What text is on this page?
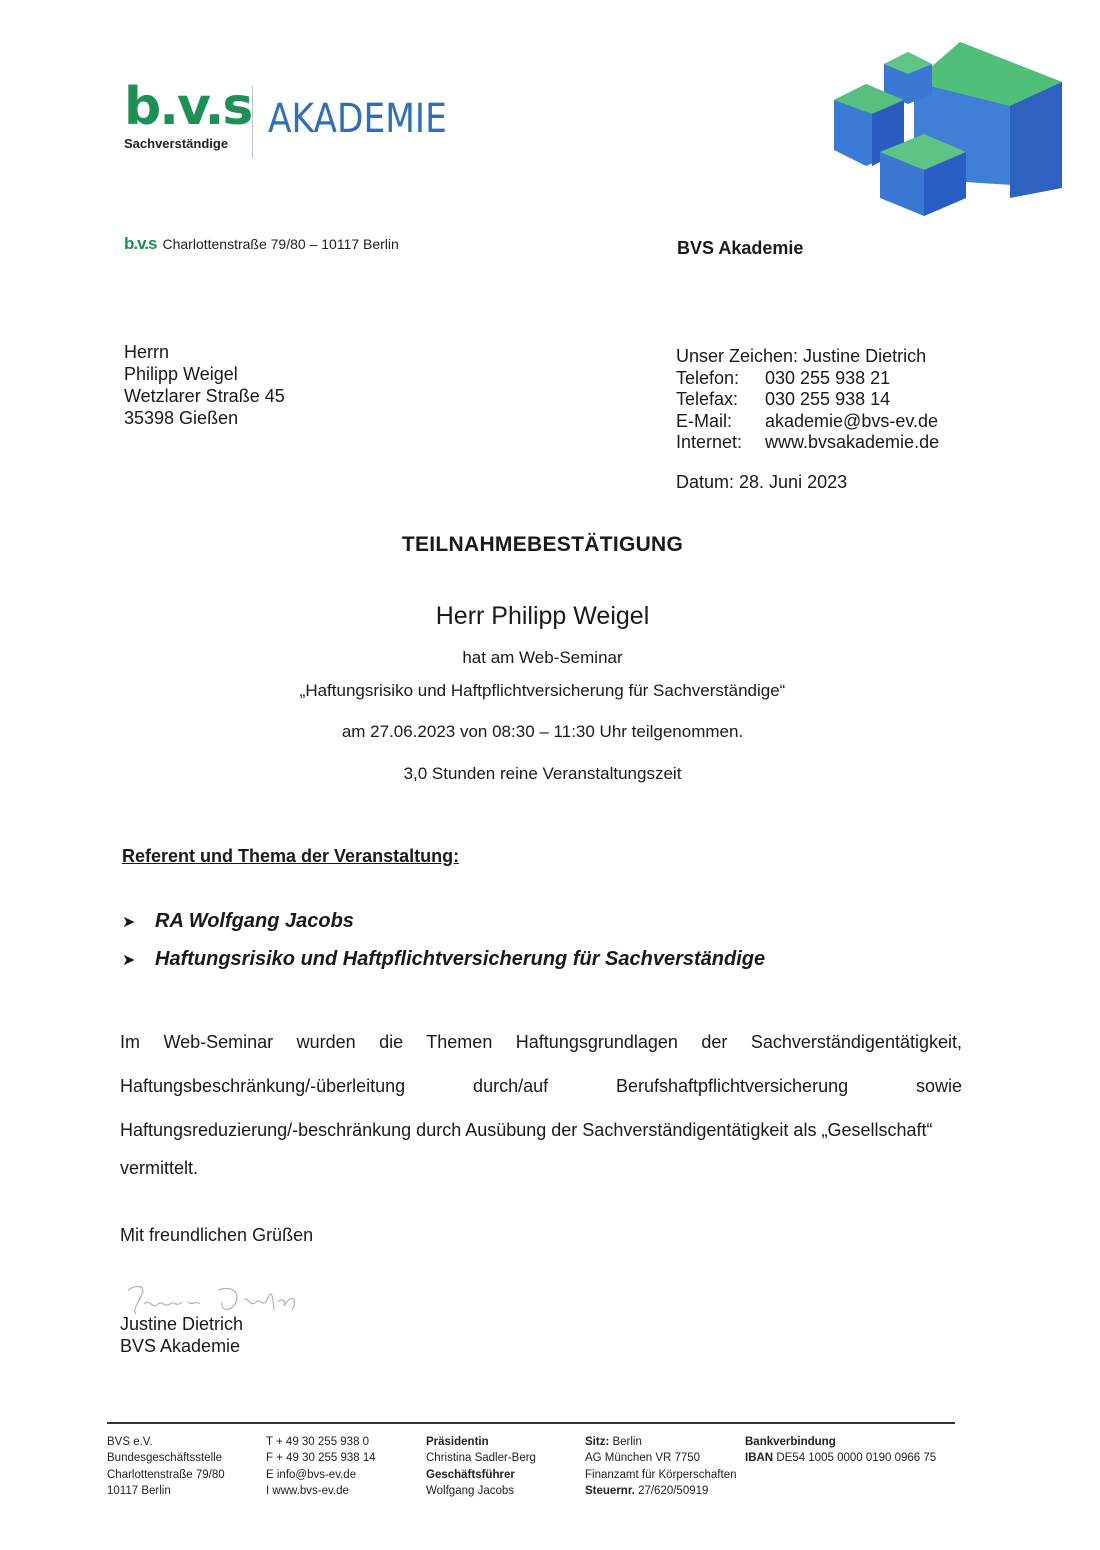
b.v.s
Sachverständige
AKADEMIE
b.v.s Charlottenstraße 79/80 – 10117 Berlin	BVS Akademie
Herrn
Philipp Weigel
Wetzlarer Straße 45
35398 Gießen
Unser Zeichen: Justine Dietrich
Telefon:	030 255 938 21
Telefax:	030 255 938 14
E-Mail:	akademie@bvs-ev.de
Internet:	www.bvsakademie.de
Datum: 28. Juni 2023
TEILNAHMEBESTÄTIGUNG
Herr Philipp Weigel
hat am Web-Seminar
„Haftungsrisiko und Haftpflichtversicherung für Sachverständige“
am 27.06.2023 von 08:30 – 11:30 Uhr teilgenommen.
3,0 Stunden reine Veranstaltungszeit
Referent und Thema der Veranstaltung:
➤ RA Wolfgang Jacobs
➤ Haftungsrisiko und Haftpflichtversicherung für Sachverständige
Im Web-Seminar wurden die Themen Haftungsgrundlagen der Sachverständigentätigkeit,
Haftungsbeschränkung/-überleitung durch/auf Berufshaftpflichtversicherung sowie
Haftungsreduzierung/-beschränkung durch Ausübung der Sachverständigentätigkeit als „Gesellschaft“
vermittelt.
Mit freundlichen Grüßen
Justine Dietrich
BVS Akademie
BVS e.V.
Bundesgeschäftsstelle
Charlottenstraße 79/80
10117 Berlin
T + 49 30 255 938 0
F + 49 30 255 938 14
E info@bvs-ev.de
I www.bvs-ev.de
Präsidentin
Christina Sadler-Berg
Geschäftsführer
Wolfgang Jacobs
Sitz: Berlin
AG München VR 7750
Finanzamt für Körperschaften
Steuernr. 27/620/50919
Bankverbindung
IBAN DE54 1005 0000 0190 0966 75
